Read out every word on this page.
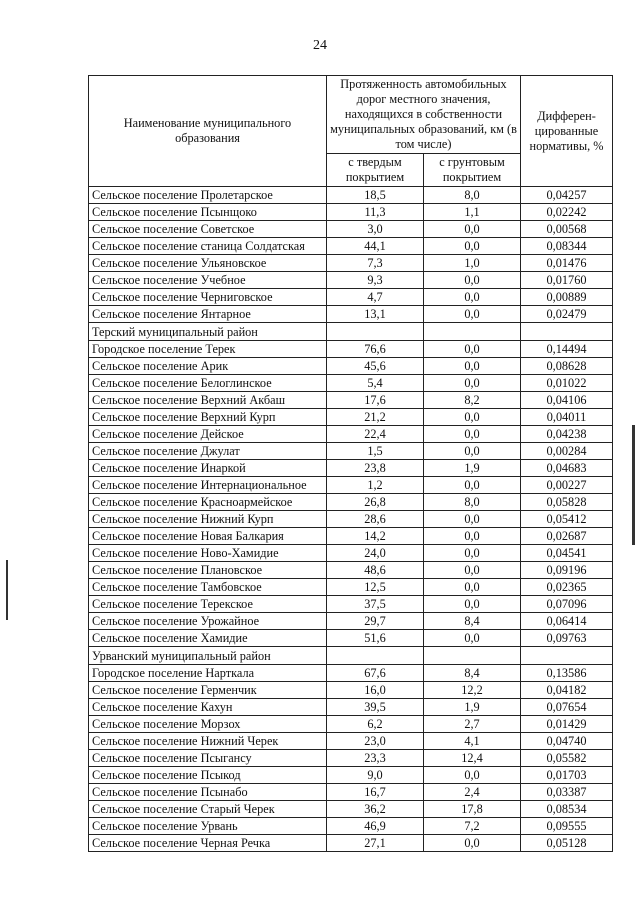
24
Наименование муниципального образования	Протяженность автомобильных дорог местного значения, находящихся в собственности муниципальных образований, км (в том числе)		Дифферен-цированные нормативы, %
	с твердым покрытием	с грунтовым покрытием	
Сельское поселение Пролетарское	18,5	8,0	0,04257
Сельское поселение Псынщоко	11,3	1,1	0,02242
Сельское поселение Советское	3,0	0,0	0,00568
Сельское поселение станица Солдатская	44,1	0,0	0,08344
Сельское поселение Ульяновское	7,3	1,0	0,01476
Сельское поселение Учебное	9,3	0,0	0,01760
Сельское поселение Черниговское	4,7	0,0	0,00889
Сельское поселение Янтарное	13,1	0,0	0,02479
Терский муниципальный район			
Городское поселение Терек	76,6	0,0	0,14494
Сельское поселение Арик	45,6	0,0	0,08628
Сельское поселение Белоглинское	5,4	0,0	0,01022
Сельское поселение Верхний Акбаш	17,6	8,2	0,04106
Сельское поселение Верхний Курп	21,2	0,0	0,04011
Сельское поселение Дейское	22,4	0,0	0,04238
Сельское поселение Джулат	1,5	0,0	0,00284
Сельское поселение Инаркой	23,8	1,9	0,04683
Сельское поселение Интернациональное	1,2	0,0	0,00227
Сельское поселение Красноармейское	26,8	8,0	0,05828
Сельское поселение Нижний Курп	28,6	0,0	0,05412
Сельское поселение Новая Балкария	14,2	0,0	0,02687
Сельское поселение Ново-Хамидие	24,0	0,0	0,04541
Сельское поселение Плановское	48,6	0,0	0,09196
Сельское поселение Тамбовское	12,5	0,0	0,02365
Сельское поселение Терекское	37,5	0,0	0,07096
Сельское поселение Урожайное	29,7	8,4	0,06414
Сельское поселение Хамидие	51,6	0,0	0,09763
Урванский муниципальный район			
Городское поселение Нарткала	67,6	8,4	0,13586
Сельское поселение Герменчик	16,0	12,2	0,04182
Сельское поселение Кахун	39,5	1,9	0,07654
Сельское поселение Морзох	6,2	2,7	0,01429
Сельское поселение Нижний Черек	23,0	4,1	0,04740
Сельское поселение Псыгансу	23,3	12,4	0,05582
Сельское поселение Псыкод	9,0	0,0	0,01703
Сельское поселение Псынабо	16,7	2,4	0,03387
Сельское поселение Старый Черек	36,2	17,8	0,08534
Сельское поселение Урвань	46,9	7,2	0,09555
Сельское поселение Черная Речка	27,1	0,0	0,05128
